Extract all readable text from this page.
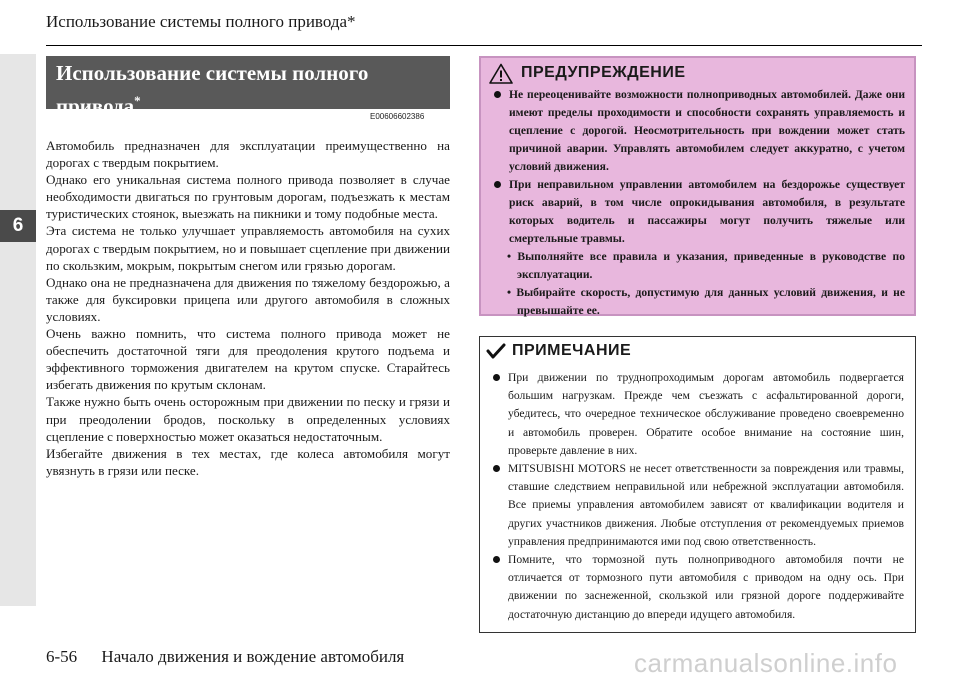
Использование системы полного привода*
6
Использование системы полного
привода*
E00606602386

Автомобиль предназначен для эксплуатации преимущественно на дорогах с твердым покрытием.

Однако его уникальная система полного привода позволяет в случае необходимости двигаться по грунтовым дорогам, подъезжать к местам туристических стоянок, выезжать на пикники и тому подобные места.

Эта система не только улучшает управляемость автомобиля на сухих дорогах с твердым покрытием, но и повышает сцепление при движении по скользким, мокрым, покрытым снегом или грязью дорогам.

Однако она не предназначена для движения по тяжелому бездорожью, а также для буксировки прицепа или другого автомобиля в сложных условиях.

Очень важно помнить, что система полного привода может не обеспечить достаточной тяги для преодоления крутого подъема и эффективного торможения двигателем на крутом спуске. Старайтесь избегать движения по крутым склонам.

Также нужно быть очень осторожным при движении по песку и грязи и при преодолении бродов, поскольку в определенных условиях сцепление с поверхностью может оказаться недостаточным.

Избегайте движения в тех местах, где колеса автомобиля могут увязнуть в грязи или песке.

ПРЕДУПРЕЖДЕНИЕ
Не переоценивайте возможности полноприводных автомобилей. Даже они имеют пределы проходимости и способности сохранять управляемость и сцепление с дорогой. Неосмотрительность при вождении может стать причиной аварии. Управлять автомобилем следует аккуратно, с учетом условий движения.
При неправильном управлении автомобилем на бездорожье существует риск аварий, в том числе опрокидывания автомобиля, в результате которых водитель и пассажиры могут получить тяжелые или смертельные травмы.
• Выполняйте все правила и указания, приведенные в руководстве по эксплуатации.
• Выбирайте скорость, допустимую для данных условий движения, и не превышайте ее.
ПРИМЕЧАНИЕ
При движении по труднопроходимым дорогам автомобиль подвергается большим нагрузкам. Прежде чем съезжать с асфальтированной дороги, убедитесь, что очередное техническое обслуживание проведено своевременно и автомобиль проверен. Обратите особое внимание на состояние шин, проверьте давление в них.
MITSUBISHI MOTORS не несет ответственности за повреждения или травмы, ставшие следствием неправильной или небрежной эксплуатации автомобиля. Все приемы управления автомобилем зависят от квалификации водителя и других участников движения. Любые отступления от рекомендуемых приемов управления предпринимаются ими под свою ответственность.
Помните, что тормозной путь полноприводного автомобиля почти не отличается от тормозного пути автомобиля с приводом на одну ось. При движении по заснеженной, скользкой или грязной дороге поддерживайте достаточную дистанцию до впереди идущего автомобиля.
6-56 Начало движения и вождение автомобиля	carmanualsonline.info
